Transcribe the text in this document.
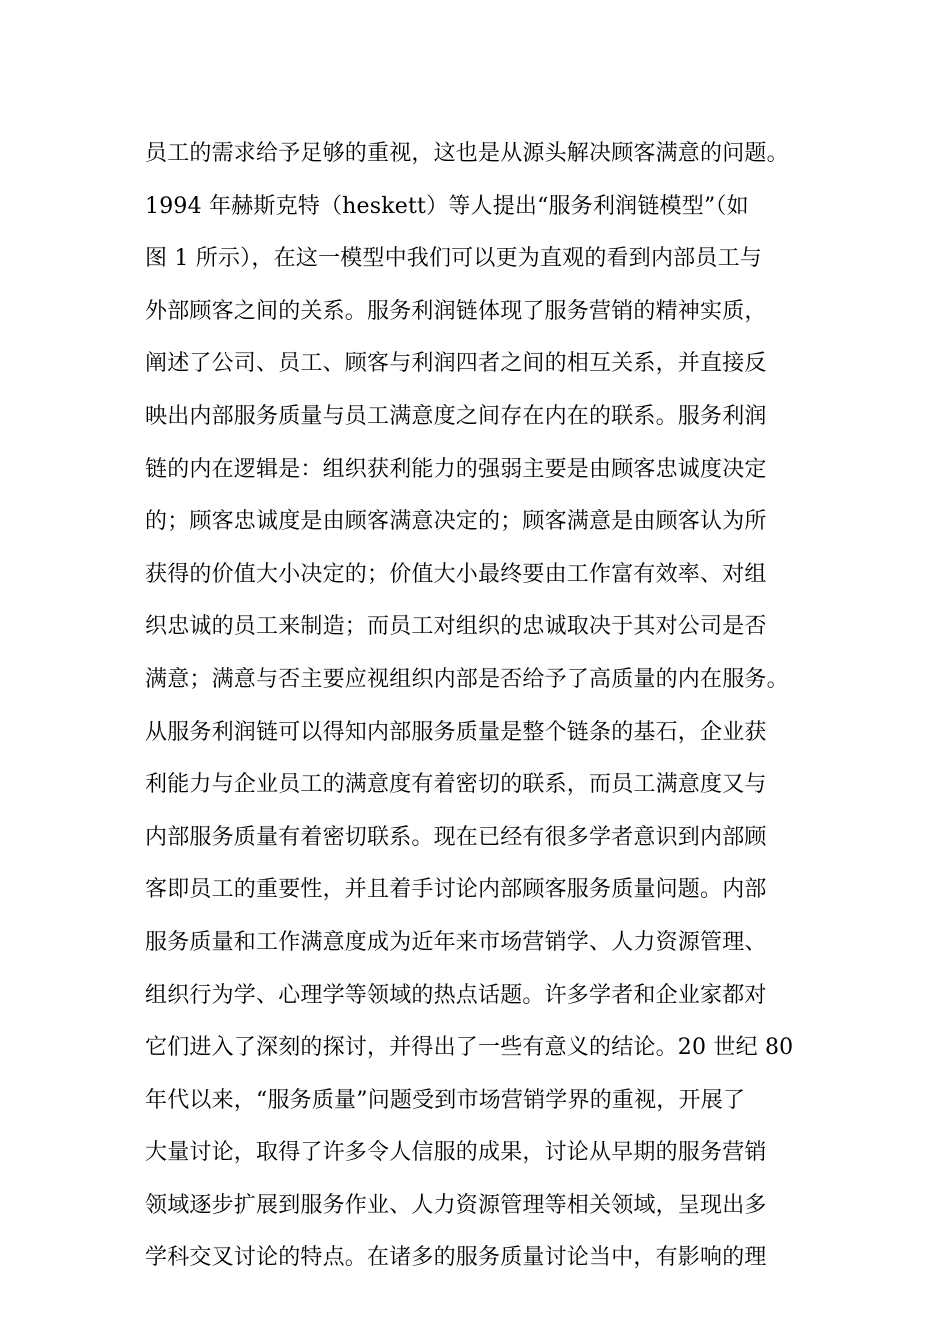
员工的需求给予足够的重视，这也是从源头解决顾客满意的问题。
1994 年赫斯克特（heskett）等人提出“服务利润链模型”（如
图 1 所示），在这一模型中我们可以更为直观的看到内部员工与
外部顾客之间的关系。服务利润链体现了服务营销的精神实质，
阐述了公司、员工、顾客与利润四者之间的相互关系，并直接反
映出内部服务质量与员工满意度之间存在内在的联系。服务利润
链的内在逻辑是：组织获利能力的强弱主要是由顾客忠诚度决定
的；顾客忠诚度是由顾客满意决定的；顾客满意是由顾客认为所
获得的价值大小决定的；价值大小最终要由工作富有效率、对组
织忠诚的员工来制造；而员工对组织的忠诚取决于其对公司是否
满意；满意与否主要应视组织内部是否给予了高质量的内在服务。
从服务利润链可以得知内部服务质量是整个链条的基石，企业获
利能力与企业员工的满意度有着密切的联系，而员工满意度又与
内部服务质量有着密切联系。现在已经有很多学者意识到内部顾
客即员工的重要性，并且着手讨论内部顾客服务质量问题。内部
服务质量和工作满意度成为近年来市场营销学、人力资源管理、
组织行为学、心理学等领域的热点话题。许多学者和企业家都对
它们进入了深刻的探讨，并得出了一些有意义的结论。20 世纪 80
年代以来，“服务质量”问题受到市场营销学界的重视，开展了
大量讨论，取得了许多令人信服的成果，讨论从早期的服务营销
领域逐步扩展到服务作业、人力资源管理等相关领域，呈现出多
学科交叉讨论的特点。在诸多的服务质量讨论当中，有影响的理
